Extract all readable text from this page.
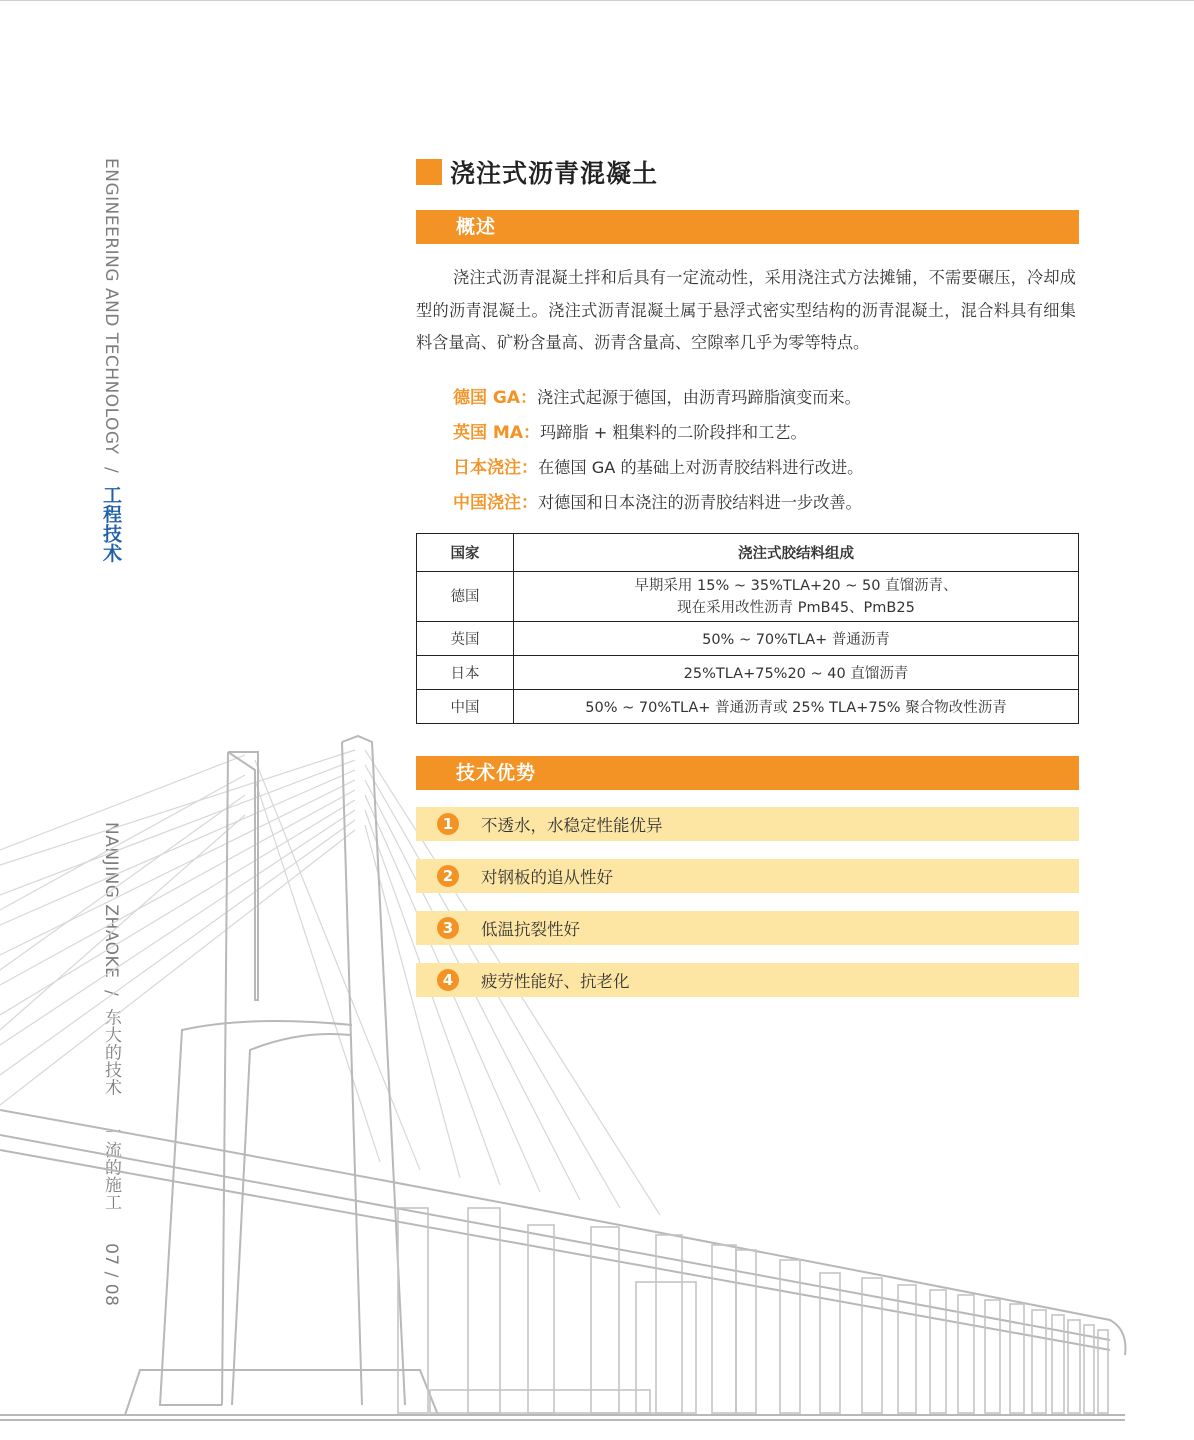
ENGINEERING AND TECHNOLOGY / 工程技术
NANJING ZHAOKE / 东大的技术  一流的施工  07 / 08
浇注式沥青混凝土
概述
浇注式沥青混凝土拌和后具有一定流动性，采用浇注式方法摊铺，不需要碾压，冷却成型的沥青混凝土。浇注式沥青混凝土属于悬浮式密实型结构的沥青混凝土，混合料具有细集料含量高、矿粉含量高、沥青含量高、空隙率几乎为零等特点。
德国 GA：浇注式起源于德国，由沥青玛蹄脂演变而来。
英国 MA：玛蹄脂 + 粗集料的二阶段拌和工艺。
日本浇注：在德国 GA 的基础上对沥青胶结料进行改进。
中国浇注：对德国和日本浇注的沥青胶结料进一步改善。
国家	浇注式胶结料组成
德国	早期采用 15% ~ 35%TLA+20 ~ 50 直馏沥青、
现在采用改性沥青 PmB45、PmB25
英国	50% ~ 70%TLA+ 普通沥青
日本	25%TLA+75%20 ~ 40 直馏沥青
中国	50% ~ 70%TLA+ 普通沥青或 25% TLA+75% 聚合物改性沥青
技术优势
1	不透水，水稳定性能优异
2	对钢板的追从性好
3	低温抗裂性好
4	疲劳性能好、抗老化
